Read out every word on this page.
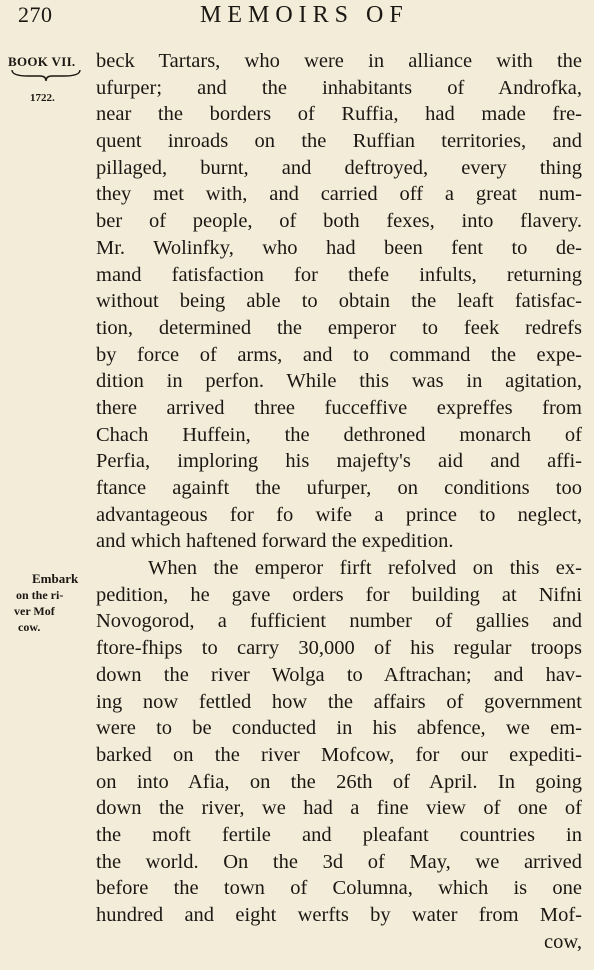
270	MEMOIRS OF
BOOK VII.
1722.
Embark
on the ri-
ver Mof
cow.
beck Tartars, who were in alliance with the
ufurper; and the inhabitants of Androfka,
near the borders of Ruffia, had made fre-
quent inroads on the Ruffian territories, and
pillaged, burnt, and deftroyed, every thing
they met with, and carried off a great num-
ber of people, of both fexes, into flavery.
Mr. Wolinfky, who had been fent to de-
mand fatisfaction for thefe infults, returning
without being able to obtain the leaft fatisfac-
tion, determined the emperor to feek redrefs
by force of arms, and to command the expe-
dition in perfon. While this was in agitation,
there arrived three fucceffive expreffes from
Chach Huffein, the dethroned monarch of
Perfia, imploring his majefty's aid and affi-
ftance againft the ufurper, on conditions too
advantageous for fo wife a prince to neglect,
and which haftened forward the expedition.
When the emperor firft refolved on this ex-
pedition, he gave orders for building at Nifni
Novogorod, a fufficient number of gallies and
ftore-fhips to carry 30,000 of his regular troops
down the river Wolga to Aftrachan; and hav-
ing now fettled how the affairs of government
were to be conducted in his abfence, we em-
barked on the river Mofcow, for our expediti-
on into Afia, on the 26th of April. In going
down the river, we had a fine view of one of
the moft fertile and pleafant countries in
the world. On the 3d of May, we arrived
before the town of Columna, which is one
hundred and eight werfts by water from Mof-
cow,
